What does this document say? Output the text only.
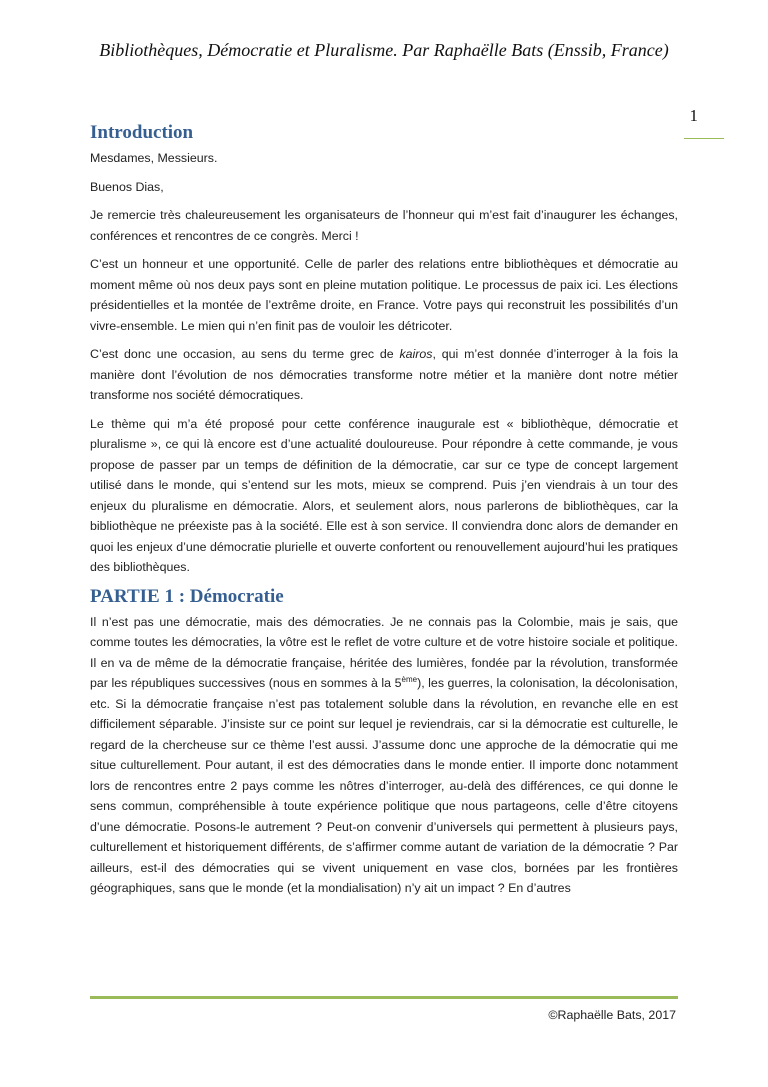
Bibliothèques, Démocratie et Pluralisme. Par Raphaëlle Bats (Enssib, France)
1
Introduction

Mesdames, Messieurs.

Buenos Dias,

Je remercie très chaleureusement les organisateurs de l’honneur qui m’est fait d’inaugurer les échanges, conférences et rencontres de ce congrès. Merci !

C’est un honneur et une opportunité. Celle de parler des relations entre bibliothèques et démocratie au moment même où nos deux pays sont en pleine mutation politique. Le processus de paix ici. Les élections présidentielles et la montée de l’extrême droite, en France. Votre pays qui reconstruit les possibilités d’un vivre-ensemble. Le mien qui n’en finit pas de vouloir les détricoter.

C’est donc une occasion, au sens du terme grec de kairos, qui m’est donnée d’interroger à la fois la manière dont l’évolution de nos démocraties transforme notre métier et la manière dont notre métier transforme nos société démocratiques.

Le thème qui m’a été proposé pour cette conférence inaugurale est « bibliothèque, démocratie et pluralisme », ce qui là encore est d’une actualité douloureuse. Pour répondre à cette commande, je vous propose de passer par un temps de définition de la démocratie, car sur ce type de concept largement utilisé dans le monde, qui s’entend sur les mots, mieux se comprend. Puis j’en viendrais à un tour des enjeux du pluralisme en démocratie. Alors, et seulement alors, nous parlerons de bibliothèques, car la bibliothèque ne préexiste pas à la société. Elle est à son service. Il conviendra donc alors de demander en quoi les enjeux d’une démocratie plurielle et ouverte confortent ou renouvellement aujourd’hui les pratiques des bibliothèques.

PARTIE 1 : Démocratie

Il n’est pas une démocratie, mais des démocraties. Je ne connais pas la Colombie, mais je sais, que comme toutes les démocraties, la vôtre est le reflet de votre culture et de votre histoire sociale et politique. Il en va de même de la démocratie française, héritée des lumières, fondée par la révolution, transformée par les républiques successives (nous en sommes à la 5ème), les guerres, la colonisation, la décolonisation, etc. Si la démocratie française n’est pas totalement soluble dans la révolution, en revanche elle en est difficilement séparable. J’insiste sur ce point sur lequel je reviendrais, car si la démocratie est culturelle, le regard de la chercheuse sur ce thème l’est aussi. J’assume donc une approche de la démocratie qui me situe culturellement. Pour autant, il est des démocraties dans le monde entier. Il importe donc notamment lors de rencontres entre 2 pays comme les nôtres d’interroger, au-delà des différences, ce qui donne le sens commun, compréhensible à toute expérience politique que nous partageons, celle d’être citoyens d’une démocratie. Posons-le autrement ? Peut-on convenir d’universels qui permettent à plusieurs pays, culturellement et historiquement différents, de s’affirmer comme autant de variation de la démocratie ? Par ailleurs, est-il des démocraties qui se vivent uniquement en vase clos, bornées par les frontières géographiques, sans que le monde (et la mondialisation) n’y ait un impact ? En d’autres

©Raphaëlle Bats, 2017
